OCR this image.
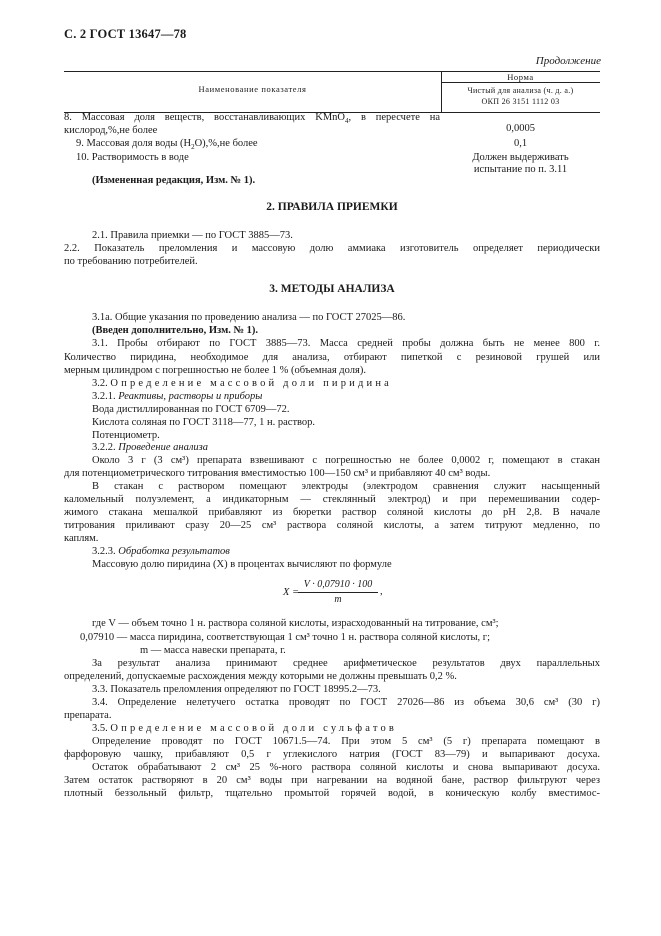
С. 2 ГОСТ 13647—78
Продолжение
Наименование показателя
Норма
Чистый для анализа (ч. д. а.)
ОКП 26 3151 1112 03
8. Массовая доля веществ, восстанавливающих KMnO$_4$, в пересчете на
кислород,%,не более	0,0005
9. Массовая доля воды $(H_2O),\%,не$ более	0,1
10. Растворимость в воде	Должен выдерживать
испытание по п. 3.11
(Измененная редакция, Изм. № 1).
2. ПРАВИЛА ПРИЕМКИ
2.1. Правила приемки — по ГОСТ 3885—73.
2.2. Показатель преломления и массовую долю аммиака изготовитель определяет периодически
по требованию потребителей.
3. МЕТОДЫ АНАЛИЗА
3.1а. Общие указания по проведению анализа — по ГОСТ 27025—86.
(Введен дополнительно, Изм. № 1).
3.1. Пробы отбирают по ГОСТ 3885—73. Масса средней пробы должна быть не менее 800 г.
Количество пиридина, необходимое для анализа, отбирают пипеткой с резиновой грушей или
мерным цилиндром с погрешностью не более 1 % (объемная доля).
3.2. Определение массовой доли пиридина
3.2.1. Реактивы, растворы и приборы
Вода дистиллированная по ГОСТ 6709—72.
Кислота соляная по ГОСТ 3118—77, 1 н. раствор.
Потенциометр.
3.2.2. Проведение анализа
Около 3 г (3 см³) препарата взвешивают с погрешностью не более 0,0002 г, помещают в стакан
для потенциометрического титрования вместимостью 100—150 см³ и прибавляют 40 см³ воды.
В стакан с раствором помещают электроды (электродом сравнения служит насыщенный
каломельный полуэлемент, а индикаторным — стеклянный электрод) и при перемешивании содер-
жимого стакана мешалкой прибавляют из бюретки раствор соляной кислоты до pH 2,8. В начале
титрования приливают сразу 20—25 см³ раствора соляной кислоты, а затем титруют медленно, по
каплям.
3.2.3. Обработка результатов
Массовую долю пиридина (X) в процентах вычисляют по формуле
X =
V · 0,07910 · 100
m
,
где V — объем точно 1 н. раствора соляной кислоты, израсходованный на титрование, см³;
0,07910 — масса пиридина, соответствующая 1 см³ точно 1 н. раствора соляной кислоты, г;
m — масса навески препарата, г.
За результат анализа принимают среднее арифметическое результатов двух параллельных
определений, допускаемые расхождения между которыми не должны превышать 0,2 %.
3.3. Показатель преломления определяют по ГОСТ 18995.2—73.
3.4. Определение нелетучего остатка проводят по ГОСТ 27026—86 из объема 30,6 см³ (30 г)
препарата.
3.5. Определение массовой доли сульфатов
Определение проводят по ГОСТ 10671.5—74. При этом 5 см³ (5 г) препарата помещают в
фарфоровую чашку, прибавляют 0,5 г углекислого натрия (ГОСТ 83—79) и выпаривают досуха.
Остаток обрабатывают 2 см³ 25 %-ного раствора соляной кислоты и снова выпаривают досуха.
Затем остаток растворяют в 20 см³ воды при нагревании на водяной бане, раствор фильтруют через
плотный беззольный фильтр, тщательно промытой горячей водой, в коническую колбу вместимос-
